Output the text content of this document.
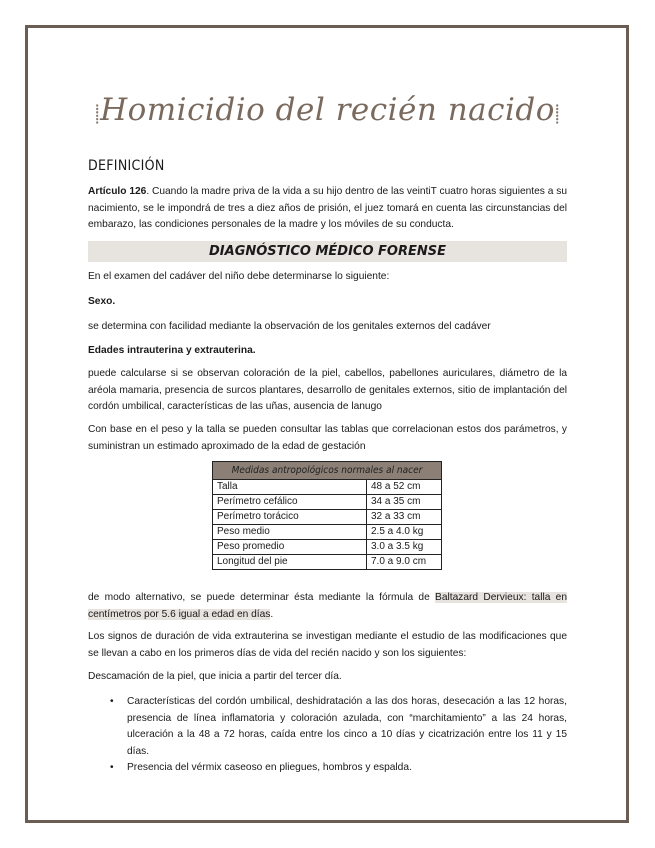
⸽Homicidio del recién nacido⸽
DEFINICIÓN
Artículo 126. Cuando la madre priva de la vida a su hijo dentro de las veintiT cuatro horas siguientes a su nacimiento, se le impondrá de tres a diez años de prisión, el juez tomará en cuenta las circunstancias del embarazo, las condiciones personales de la madre y los móviles de su conducta.
DIAGNÓSTICO MÉDICO FORENSE
En el examen del cadáver del niño debe determinarse lo siguiente:
Sexo.
se determina con facilidad mediante la observación de los genitales externos del cadáver
Edades intrauterina y extrauterina.
puede calcularse si se observan coloración de la piel, cabellos, pabellones auriculares, diámetro de la aréola mamaria, presencia de surcos plantares, desarrollo de genitales externos, sitio de implantación del cordón umbilical, características de las uñas, ausencia de lanugo
Con base en el peso y la talla se pueden consultar las tablas que correlacionan estos dos parámetros, y suministran un estimado aproximado de la edad de gestación
Medidas antropológicos normales al nacer	
Talla	48 a 52 cm
Perímetro cefálico	34 a 35 cm
Perímetro torácico	32 a 33 cm
Peso medio	2.5 a 4.0 kg
Peso promedio	3.0 a 3.5 kg
Longitud del pie	7.0 a 9.0 cm
de modo alternativo, se puede determinar ésta mediante la fórmula de Baltazard Dervieux: talla en centímetros por 5.6 igual a edad en días.
Los signos de duración de vida extrauterina se investigan mediante el estudio de las modificaciones que se llevan a cabo en los primeros días de vida del recién nacido y son los siguientes:
Descamación de la piel, que inicia a partir del tercer día.
• Características del cordón umbilical, deshidratación a las dos horas, desecación a las 12 horas, presencia de línea inflamatoria y coloración azulada, con “marchitamiento” a las 24 horas, ulceración a la 48 a 72 horas, caída entre los cinco a 10 días y cicatrización entre los 11 y 15 días.
• Presencia del vérmix caseoso en pliegues, hombros y espalda.
